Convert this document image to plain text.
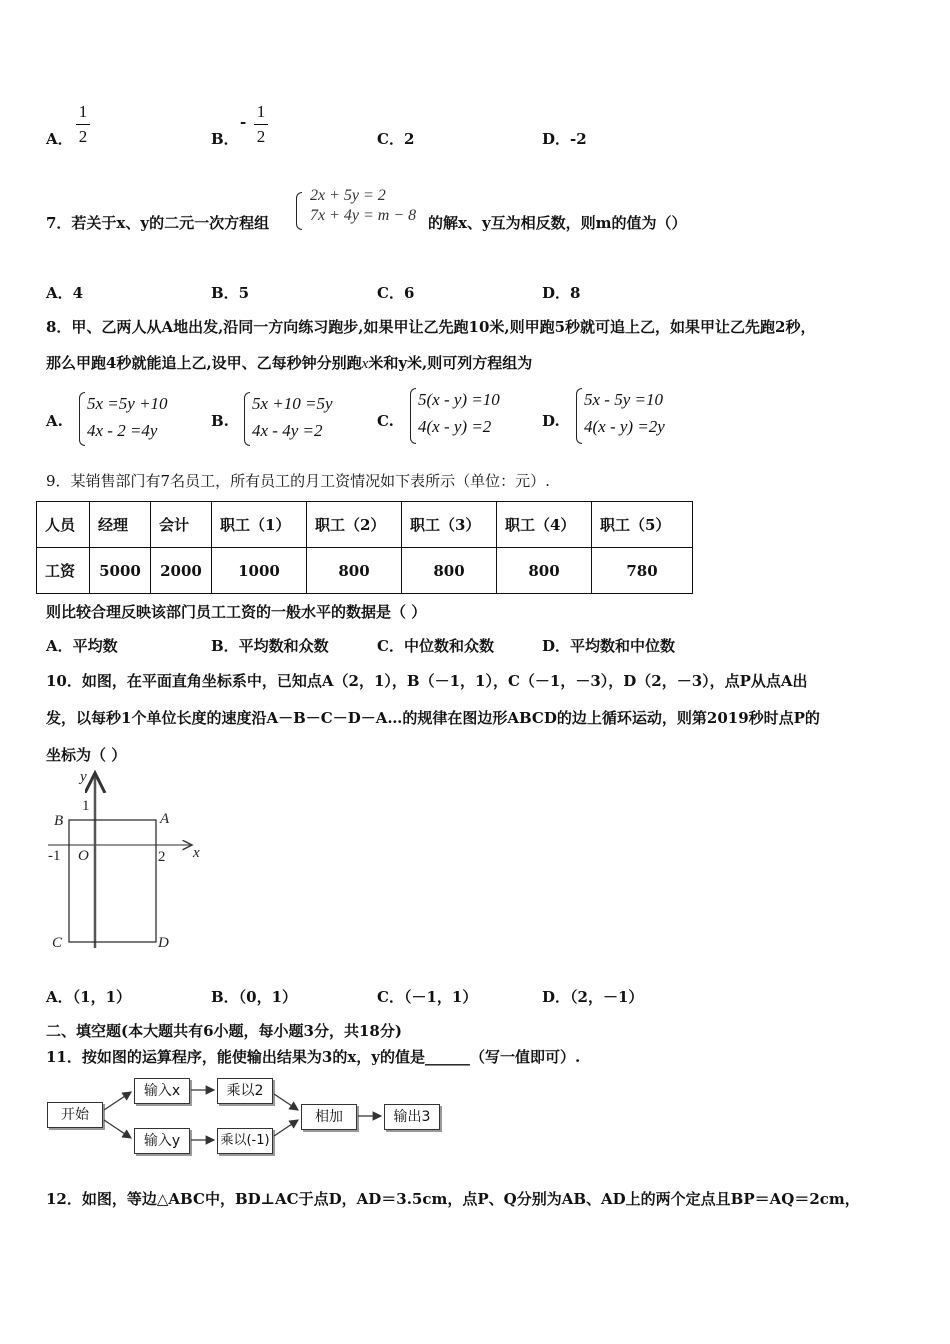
A．
1
2	B．
-
1
2	C．2	D．-2
7．若关于x、y的二元一次方程组
2x + 5y = 2
7x + 4y = m − 8 的解x、y互为相反数，则m的值为（）
A．4	B．5	C．6	D．8
8．甲、乙两人从A地出发,沿同一方向练习跑步,如果甲让乙先跑10米,则甲跑5秒就可追上乙，如果甲让乙先跑2秒，
那么甲跑4秒就能追上乙,设甲、乙每秒钟分别跑x米和y米,则可列方程组为
A.
5x =5y +10
4x - 2 =4y	B.
5x +10 =5y
4x - 4y =2	C.
5(x - y) =10
4(x - y) =2	D.
5x - 5y =10
4(x - y) =2y
9．某销售部门有7名员工，所有员工的月工资情况如下表所示（单位：元）.
人员	经理	会计	职工（1）	职工（2）	职工（3）	职工（4）	职工（5）
工资	5000	2000	1000	800	800	800	780
则比较合理反映该部门员工工资的一般水平的数据是（ ）
A．平均数	B．平均数和众数	C．中位数和众数	D．平均数和中位数
10．如图，在平面直角坐标系中，已知点A（2，1），B（－1，1），C（－1，－3），D（2，－3），点P从点A出
发，以每秒1个单位长度的速度沿A－B－C－D－A…的规律在图边形ABCD的边上循环运动，则第2019秒时点P的
坐标为（ ）
y
x
B	A
C	D
O
1
-1	2
A．（1，1）	B．（0，1）	C．（－1，1）	D．（2，－1）
二、填空题(本大题共有6小题，每小题3分，共18分)
11．按如图的运算程序，能使输出结果为3的x，y的值是______（写一值即可）.
开始
输入x	乘以2
输入y	乘以(-1)
相加	输出3
12．如图，等边△ABC中，BD⊥AC于点D，AD＝3.5cm，点P、Q分别为AB、AD上的两个定点且BP＝AQ＝2cm，
